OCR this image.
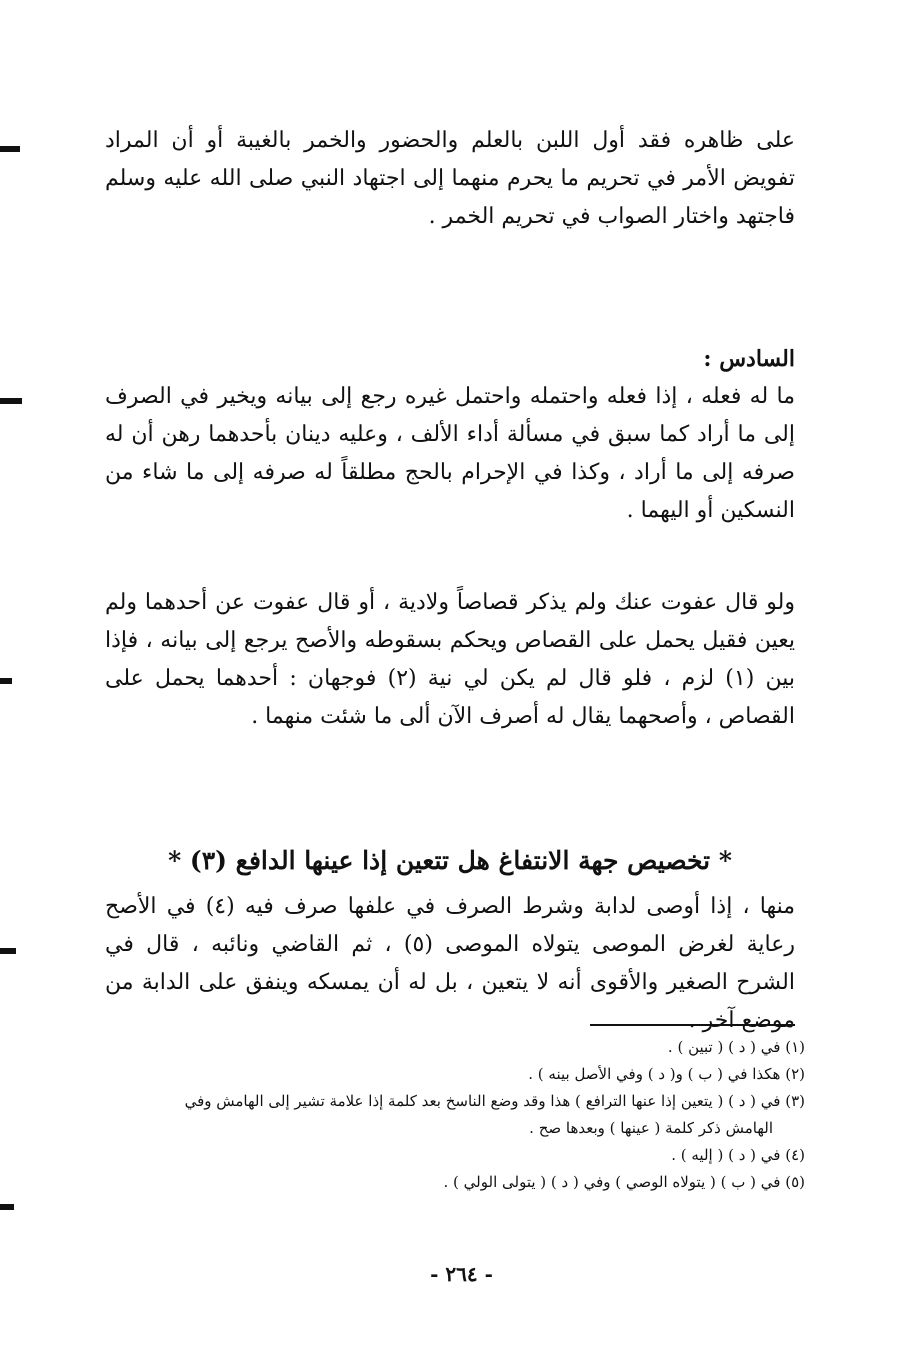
على ظاهره فقد أول اللبن بالعلم والحضور والخمر بالغيبة أو أن المراد تفويض الأمر في تحريم ما يحرم منهما إلى اجتهاد النبي صلى الله عليه وسلم فاجتهد واختار الصواب في تحريم الخمر .

السادس :

ما له فعله ، إذا فعله واحتمله واحتمل غيره رجع إلى بيانه ويخير في الصرف إلى ما أراد كما سبق في مسألة أداء الألف ، وعليه دينان بأحدهما رهن أن له صرفه إلى ما أراد ، وكذا في الإحرام بالحج مطلقاً له صرفه إلى ما شاء من النسكين أو اليهما .

ولو قال عفوت عنك ولم يذكر قصاصاً ولادية ، أو قال عفوت عن أحدهما ولم يعين فقيل يحمل على القصاص ويحكم بسقوطه والأصح يرجع إلى بيانه ، فإذا بين (١) لزم ، فلو قال لم يكن لي نية (٢) فوجهان : أحدهما يحمل على القصاص ، وأصحهما يقال له أصرف الآن ألى ما شئت منهما .

* تخصيص جهة الانتفاغ هل تتعين إذا عينها الدافع (٣) *

منها ، إذا أوصى لدابة وشرط الصرف في علفها صرف فيه (٤) في الأصح رعاية لغرض الموصى يتولاه الموصى (٥) ، ثم القاضي ونائبه ، قال في الشرح الصغير والأقوى أنه لا يتعين ، بل له أن يمسكه وينفق على الدابة من موضع آخر .

(١) في ( د ) ( تبين ) .

(٢) هكذا في ( ب ) و( د ) وفي الأصل بينه ) .

(٣) في ( د ) ( يتعين إذا عنها الترافع ) هذا وقد وضع الناسخ بعد كلمة إذا علامة تشير إلى الهامش وفي

الهامش ذكر كلمة ( عينها ) وبعدها صح .

(٤) في ( د ) ( إليه ) .

(٥) في ( ب ) ( يتولاه الوصي ) وفي ( د ) ( يتولى الولي ) .

- ٢٦٤ -
